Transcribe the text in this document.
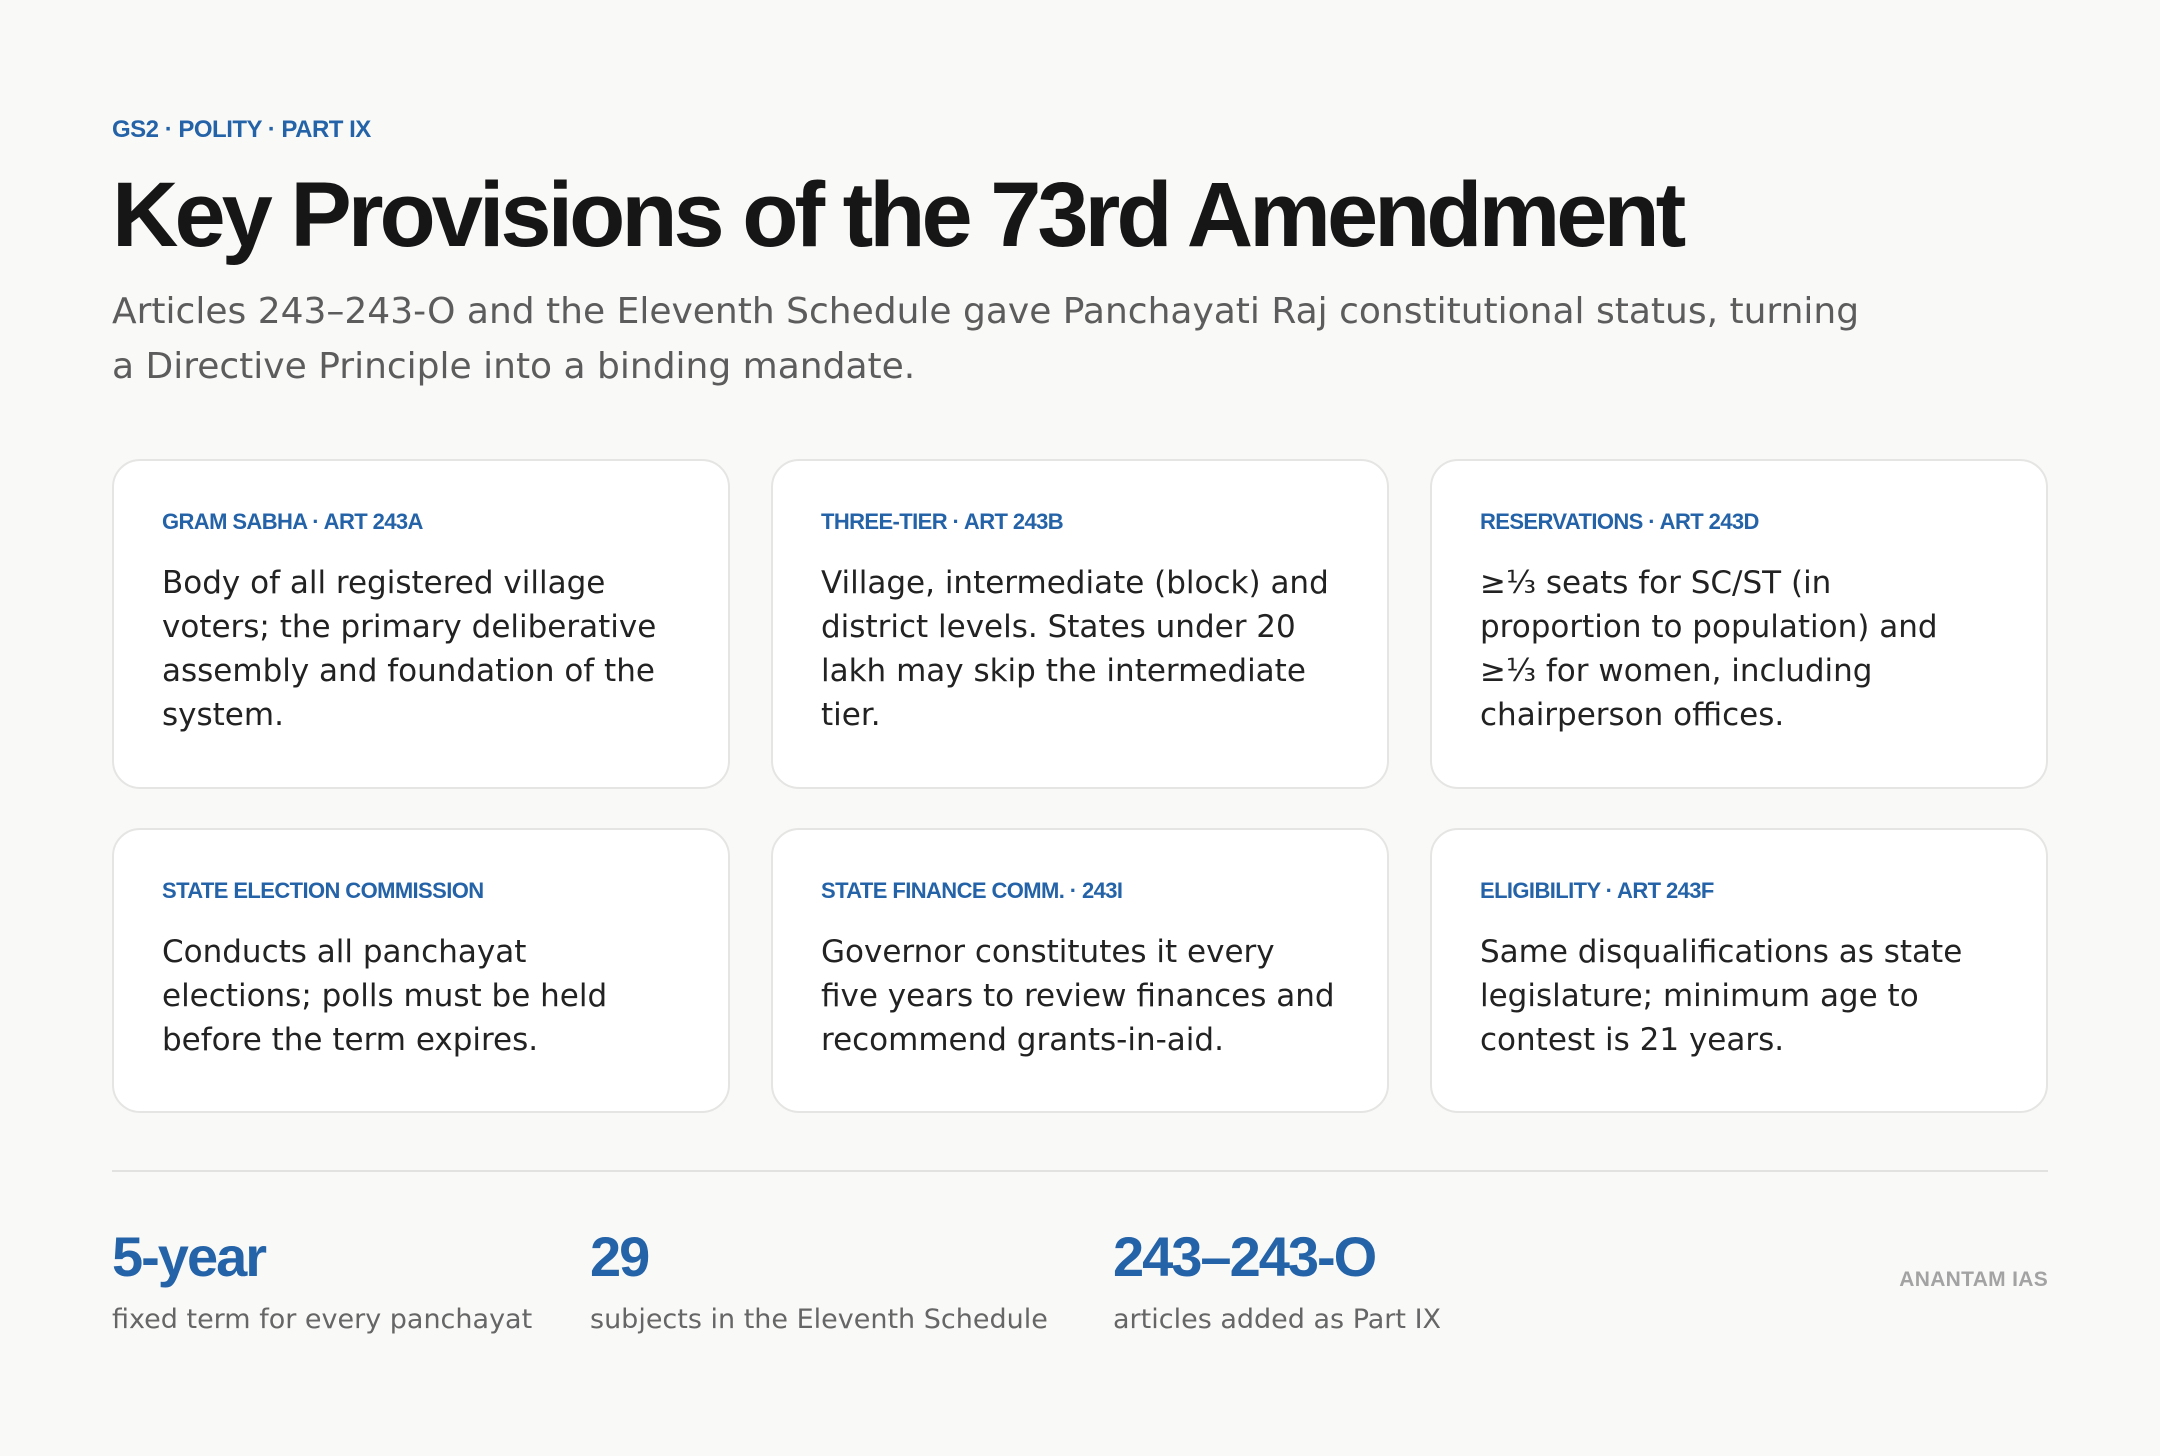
GS2 · POLITY · PART IX
Key Provisions of the 73rd Amendment

Articles 243–243-O and the Eleventh Schedule gave Panchayati Raj constitutional status, turning a Directive Principle into a binding mandate.

GRAM SABHA · ART 243A
Body of all registered village voters; the primary deliberative assembly and foundation of the system.
THREE-TIER · ART 243B
Village, intermediate (block) and district levels. States under 20 lakh may skip the intermediate tier.
RESERVATIONS · ART 243D
≥⅓ seats for SC/ST (in proportion to population) and ≥⅓ for women, including chairperson offices.
STATE ELECTION COMMISSION
Conducts all panchayat elections; polls must be held before the term expires.
STATE FINANCE COMM. · 243I
Governor constitutes it every five years to review finances and recommend grants-in-aid.
ELIGIBILITY · ART 243F
Same disqualifications as state legislature; minimum age to contest is 21 years.
5-year
fixed term for every panchayat
29
subjects in the Eleventh Schedule
243–243-O
articles added as Part IX
ANANTAM IAS
